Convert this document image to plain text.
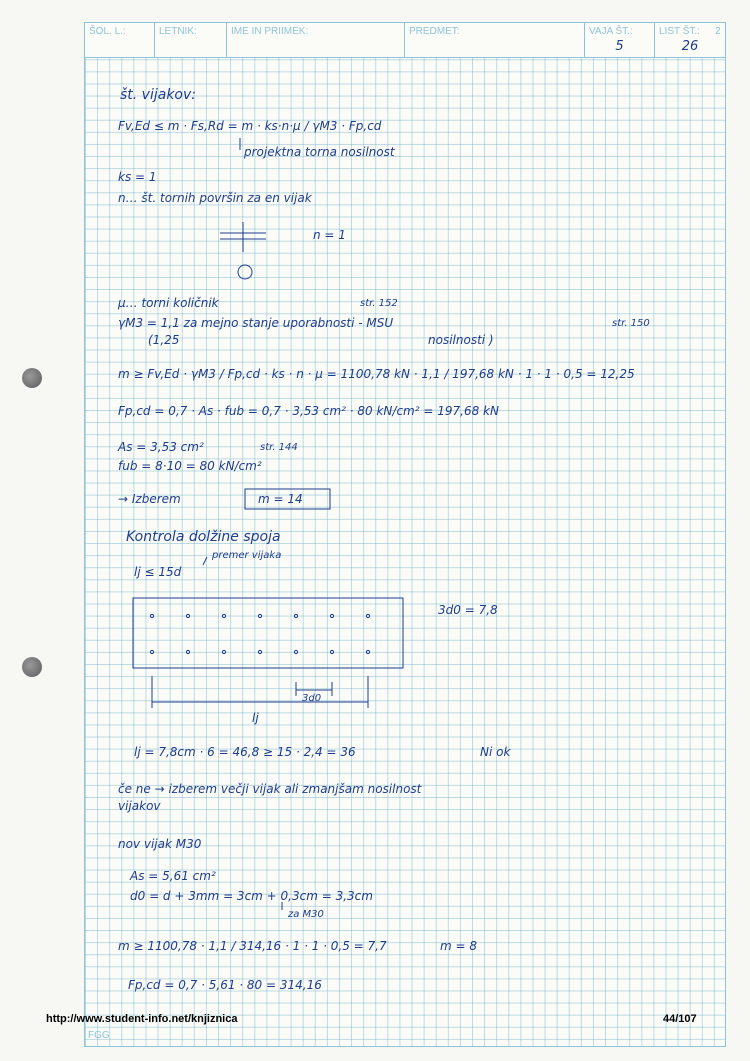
ŠOL. L.:	LETNIK:	IME IN PRIIMEK:	PREDMET:	VAJA ŠT.:
5
LIST ŠT.: 2
26
št. vijakov:
Fv,Ed ≤ m · Fs,Rd = m · ks·n·μ / γM3 · Fp,cd
projektna torna nosilnost
ks = 1
n… št. tornih površin za en vijak
n = 1
μ… torni količnik	str. 152
γM3 = 1,1 za mejno stanje uporabnosti - MSU	str. 150
(1,25	nosilnosti )
m ≥ Fv,Ed · γM3 / Fp,cd · ks · n · μ = 1100,78 kN · 1,1 / 197,68 kN · 1 · 1 · 0,5 = 12,25
Fp,cd = 0,7 · As · fub = 0,7 · 3,53 cm² · 80 kN/cm² = 197,68 kN
As = 3,53 cm²	str. 144
fub = 8·10 = 80 kN/cm²
→ Izberem	m = 14
Kontrola dolžine spoja
premer vijaka
lj ≤ 15d
3d0 = 7,8
3d0
lj
lj = 7,8cm · 6 = 46,8 ≥ 15 · 2,4 = 36	Ni ok
če ne → izberem večji vijak ali zmanjšam nosilnost
vijakov
nov vijak M30
As = 5,61 cm²
d0 = d + 3mm = 3cm + 0,3cm = 3,3cm
za M30
m ≥ 1100,78 · 1,1 / 314,16 · 1 · 1 · 0,5 = 7,7	m = 8
Fp,cd = 0,7 · 5,61 · 80 = 314,16
http://www.student-info.net/knjiznica	44/107
FGG
